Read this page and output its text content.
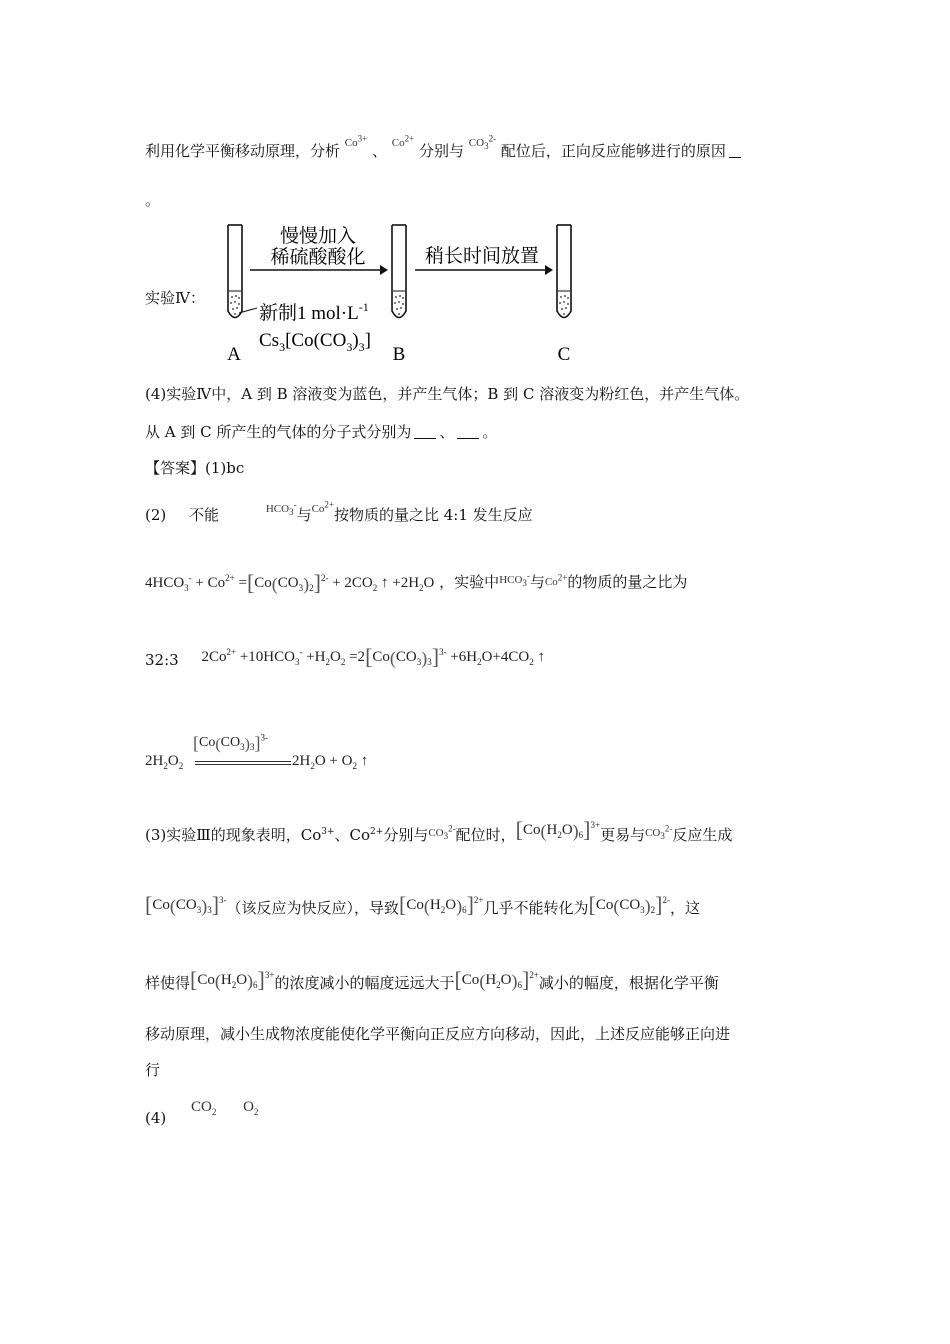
利用化学平衡移动原理，分析 $^{Co^{3+}}$ 、 $^{Co^{2+}}$ 分别与 $^{CO_3^{2-}}$ 配位后，正向反应能够进行的原因
。
实验Ⅳ：
慢慢加入
稀硫酸酸化	稍长时间放置
新制1 $mol\cdot L^{-1}$
$Cs_3[Co(CO_3)_3]$
A	B	C
(4)实验Ⅳ中，A 到 B 溶液变为蓝色，并产生气体；B 到 C 溶液变为粉红色，并产生气体。
从 A 到 C 所产生的气体的分子式分别为 、 。
【答案】(1)bc
(2) 不能	$^{HCO_3^-}$与$^{Co^{2+}}$按物质的量之比 4:1 发生反应
$4HCO_3^- + Co^{2+} =[Co(CO_3)_2]^{2-} + 2CO_2$ ↑ $+2H_2O$ ，实验中$^{HCO_3^-}$与$Co^{2+}$的物质的量之比为
32:3 $2Co^{2+} +10HCO_3^- +H_2O_2 =2[Co(CO_3)_3]^{3-} +6H_2O+4CO_2$ ↑
$2H_2O_2$
$[Co(CO_3)_3]^{3-}$
$2H_2O + O_2$ ↑
(3)实验Ⅲ的现象表明，$Co^{3+}$、$Co^{2+}$分别与$^{CO_3^{2-}}$配位时，$[Co(H_2O)_6]^{3+}$更易与$^{CO_3^{2-}}$反应生成
$[Co(CO_3)_3]^{3-}$（该反应为快反应），导致$[Co(H_2O)_6]^{2+}$几乎不能转化为$[Co(CO_3)_2]^{2-}$，这
样使得$[Co(H_2O)_6]^{3+}$的浓度减小的幅度远远大于$[Co(H_2O)_6]^{2+}$减小的幅度，根据化学平衡
移动原理，减小生成物浓度能使化学平衡向正反应方向移动，因此，上述反应能够正向进
行
(4) $CO_2$ $O_2$
